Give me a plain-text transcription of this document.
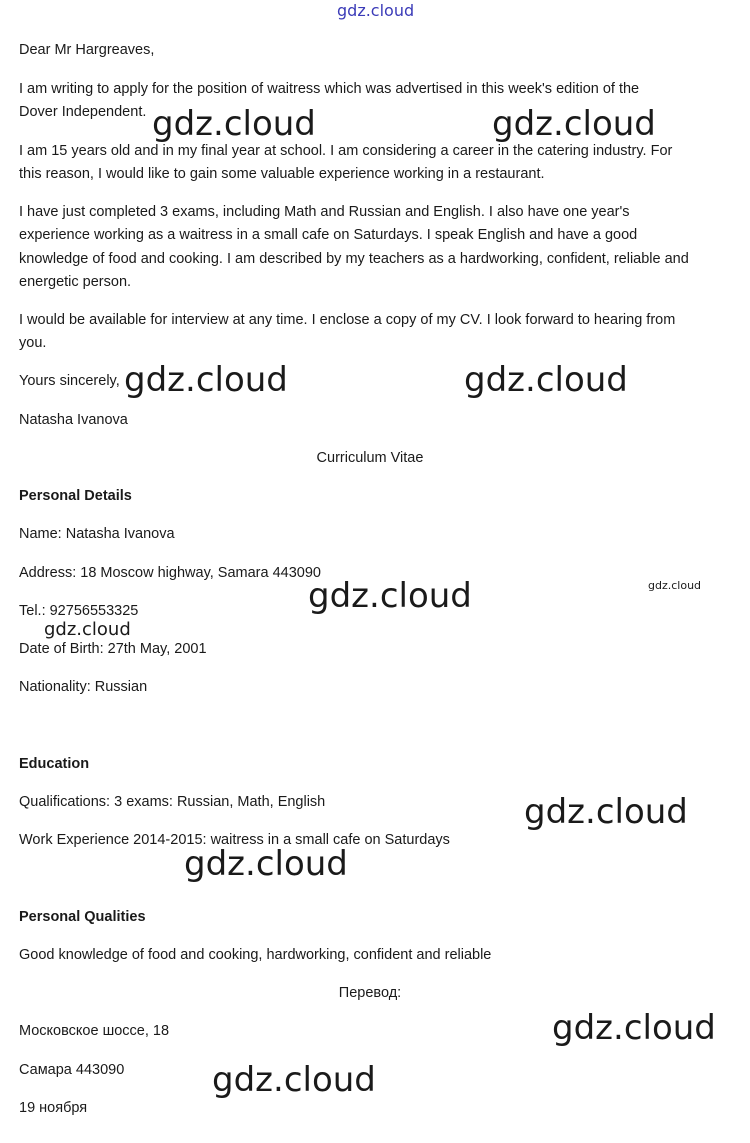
gdz.cloud
gdz.cloud	gdz.cloud
gdz.cloud	gdz.cloud
gdz.cloud	gdz.cloud
gdz.cloud
gdz.cloud
gdz.cloud
gdz.cloud
gdz.cloud
Dear Mr Hargreaves,
I am writing to apply for the position of waitress which was advertised in this week's edition of the
Dover Independent.
I am 15 years old and in my final year at school. I am considering a career in the catering industry. For
this reason, I would like to gain some valuable experience working in a restaurant.
I have just completed 3 exams, including Math and Russian and English. I also have one year's
experience working as a waitress in a small cafe on Saturdays. I speak English and have a good
knowledge of food and cooking. I am described by my teachers as a hardworking, confident, reliable and
energetic person.
I would be available for interview at any time. I enclose a copy of my CV. I look forward to hearing from
you.
Yours sincerely,
Natasha Ivanova
Curriculum Vitae
Personal Details
Name: Natasha Ivanova
Address: 18 Moscow highway, Samara 443090
Tel.: 92756553325
Date of Birth: 27th May, 2001
Nationality: Russian
Education
Qualifications: 3 exams: Russian, Math, English
Work Experience 2014-2015: waitress in a small cafe on Saturdays
Personal Qualities
Good knowledge of food and cooking, hardworking, confident and reliable
Перевод:
Московское шоссе, 18
Самара 443090
19 ноября
